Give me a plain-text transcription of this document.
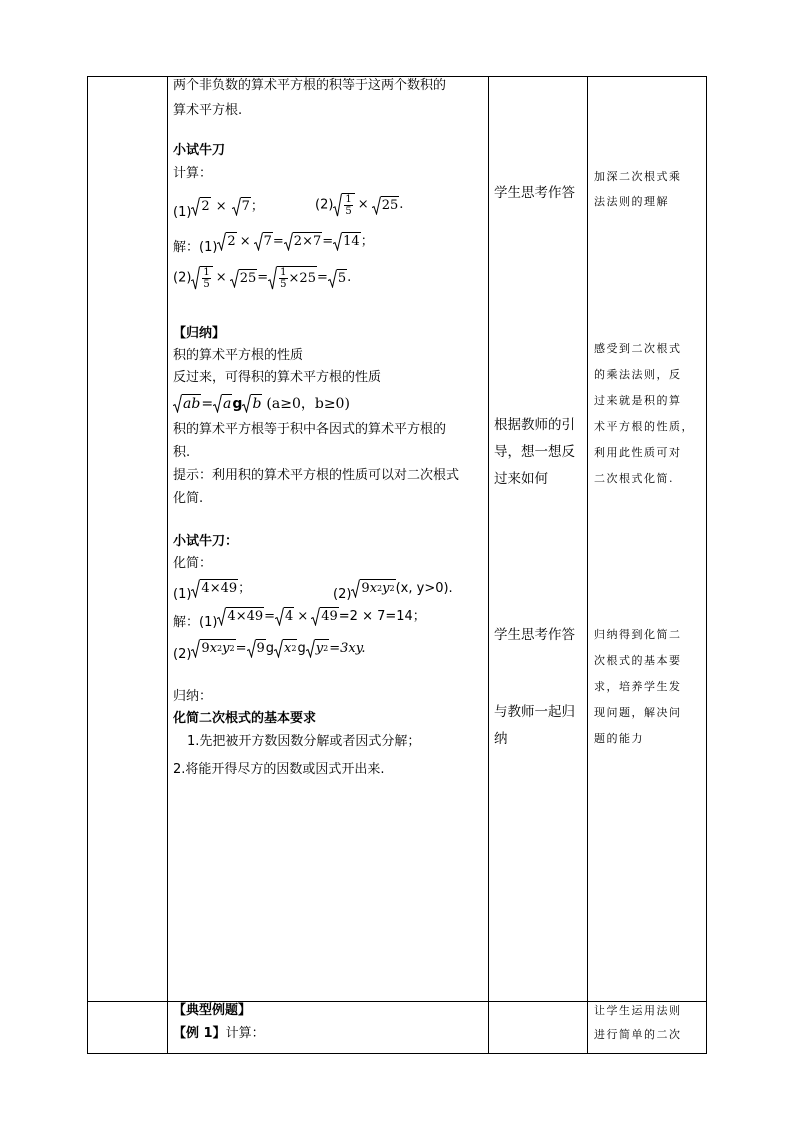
两个非负数的算术平方根的积等于这两个数积的
算术平方根.
小试牛刀
计算：
(1) 2 × 7 ；	$(2) \frac{1}{5} \times 25$ .
解：(1) 2 × 7 = 2×7 = 14 ；
$(2) \frac{1}{5} \times 25 = \frac{1}{5} \times 25 = 5$ .
【归纳】
积的算术平方根的性质
反过来，可得积的算术平方根的性质
ab = a g b (a≥0，b≥0)
积的算术平方根等于积中各因式的算术平方根的
积.
提示：利用积的算术平方根的性质可以对二次根式
化简.
小试牛刀：
化简：
(1) 4×49 ；	(2) 9 x 2 y 2 (x, y>0).
解：(1) 4×49 = 4 × 49 =2 × 7=14；
(2) 9 x 2 y 2 = 9 g x 2 g y 2 =3xy.
归纳：
化简二次根式的基本要求
1.先把被开方数因数分解或者因式分解；
2.将能开得尽方的因数或因式开出来.
【典型例题】
【例 1】计算：
学生思考作答
根据教师的引
导，想一想反
过来如何
学生思考作答
与教师一起归
纳
加深二次根式乘
法法则的理解
感受到二次根式
的乘法法则，反
过来就是积的算
术平方根的性质，
利用此性质可对
二次根式化简.
归纳得到化简二
次根式的基本要
求，培养学生发
现问题，解决问
题的能力
让学生运用法则
进行简单的二次
